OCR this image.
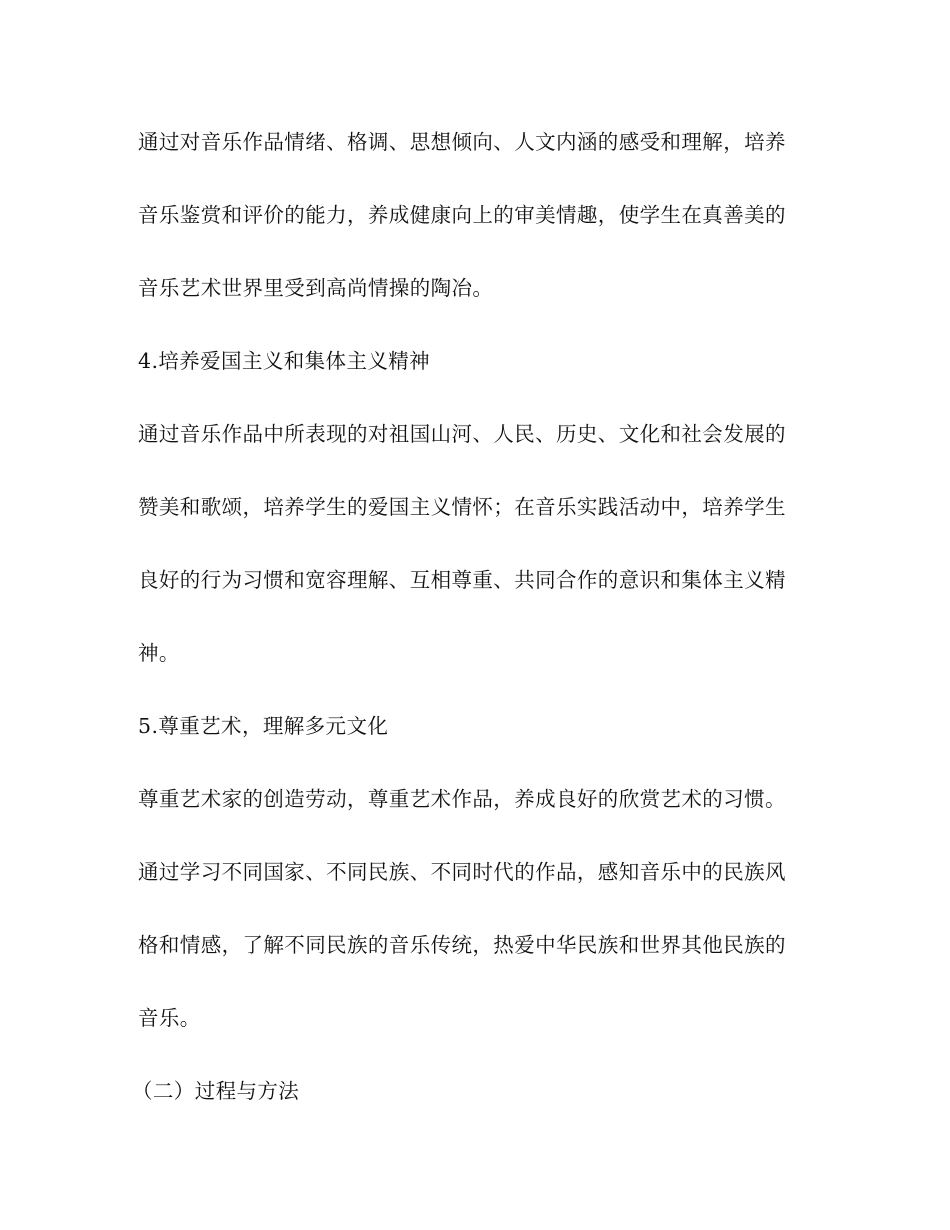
通过对音乐作品情绪、格调、思想倾向、人文内涵的感受和理解，培养
音乐鉴赏和评价的能力，养成健康向上的审美情趣，使学生在真善美的
音乐艺术世界里受到高尚情操的陶冶。
4.培养爱国主义和集体主义精神
通过音乐作品中所表现的对祖国山河、人民、历史、文化和社会发展的
赞美和歌颂，培养学生的爱国主义情怀；在音乐实践活动中，培养学生
良好的行为习惯和宽容理解、互相尊重、共同合作的意识和集体主义精
神。
5.尊重艺术，理解多元文化
尊重艺术家的创造劳动，尊重艺术作品，养成良好的欣赏艺术的习惯。
通过学习不同国家、不同民族、不同时代的作品，感知音乐中的民族风
格和情感，了解不同民族的音乐传统，热爱中华民族和世界其他民族的
音乐。
（二）过程与方法
